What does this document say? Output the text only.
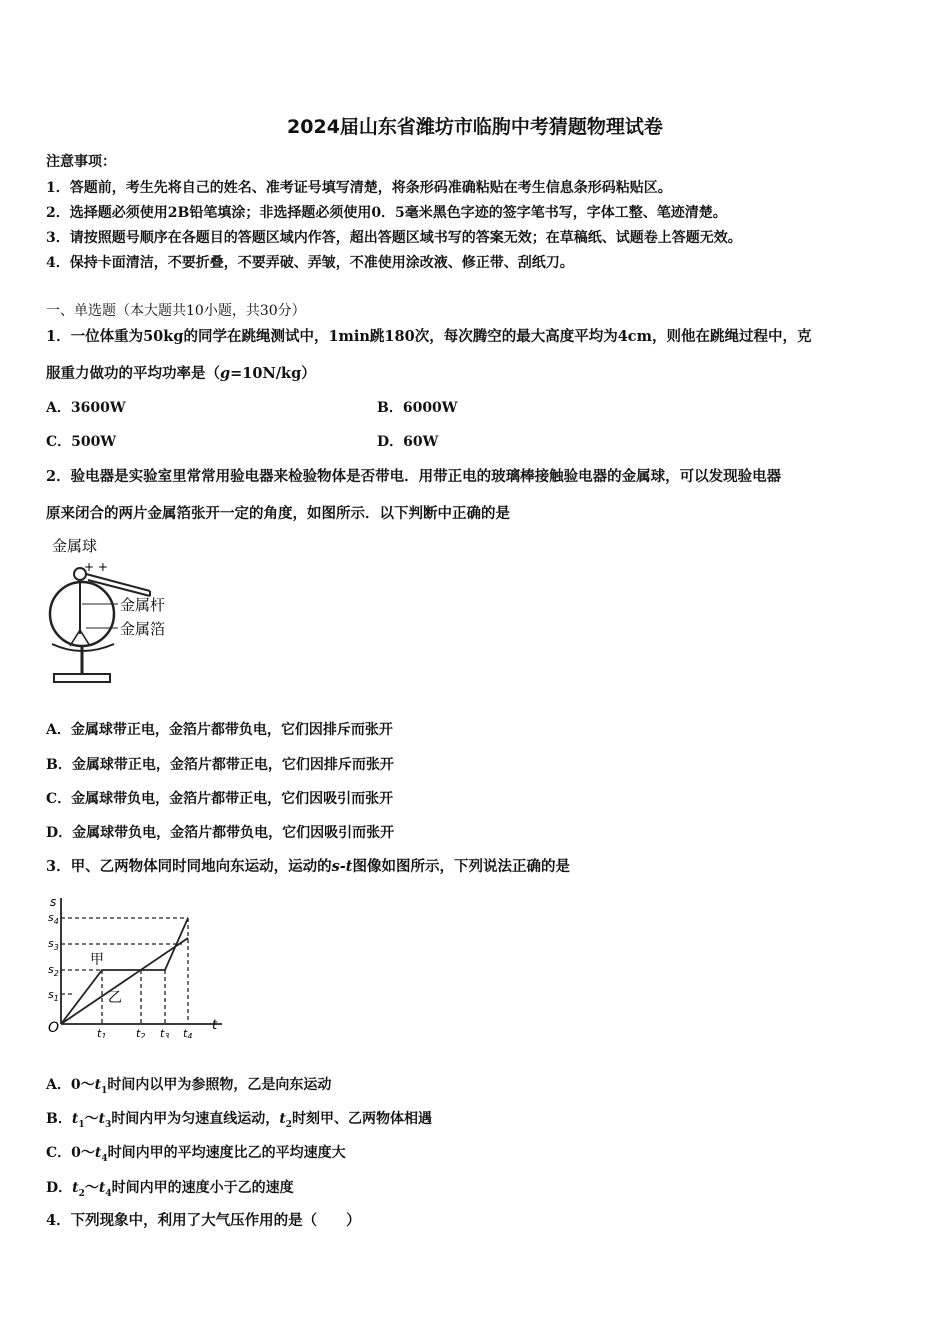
2024届山东省潍坊市临朐中考猜题物理试卷
注意事项：
1．答题前，考生先将自己的姓名、准考证号填写清楚，将条形码准确粘贴在考生信息条形码粘贴区。
2．选择题必须使用2B铅笔填涂；非选择题必须使用0．5毫米黑色字迹的签字笔书写，字体工整、笔迹清楚。
3．请按照题号顺序在各题目的答题区域内作答，超出答题区域书写的答案无效；在草稿纸、试题卷上答题无效。
4．保持卡面清洁，不要折叠，不要弄破、弄皱，不准使用涂改液、修正带、刮纸刀。
一、单选题（本大题共10小题，共30分）
1．一位体重为50kg的同学在跳绳测试中，1min跳180次，每次腾空的最大高度平均为4cm，则他在跳绳过程中，克
服重力做功的平均功率是（g=10N/kg）
A．3600W	B．6000W
C．500W	D．60W
2．验电器是实验室里常常用验电器来检验物体是否带电．用带正电的玻璃棒接触验电器的金属球，可以发现验电器
原来闭合的两片金属箔张开一定的角度，如图所示．以下判断中正确的是
金属球
+ +
金属杆
金属箔
A．金属球带正电，金箔片都带负电，它们因排斥而张开
B．金属球带正电，金箔片都带正电，它们因排斥而张开
C．金属球带负电，金箔片都带正电，它们因吸引而张开
D．金属球带负电，金箔片都带负电，它们因吸引而张开
3．甲、乙两物体同时同地向东运动，运动的s-t图像如图所示，下列说法正确的是
s
t
O
$s_1$
$s_2$
$s_3$
$s_4$
t1	t2 t3 t4
甲
乙
A．$0\sim t_1$时间内以甲为参照物，乙是向东运动
B．$t_1\sim t_3$时间内甲为匀速直线运动，$t_2$时刻甲、乙两物体相遇
C．$0\sim t_4$时间内甲的平均速度比乙的平均速度大
D．$t_2\sim t_4$时间内甲的速度小于乙的速度
4．下列现象中，利用了大气压作用的是（　　）
